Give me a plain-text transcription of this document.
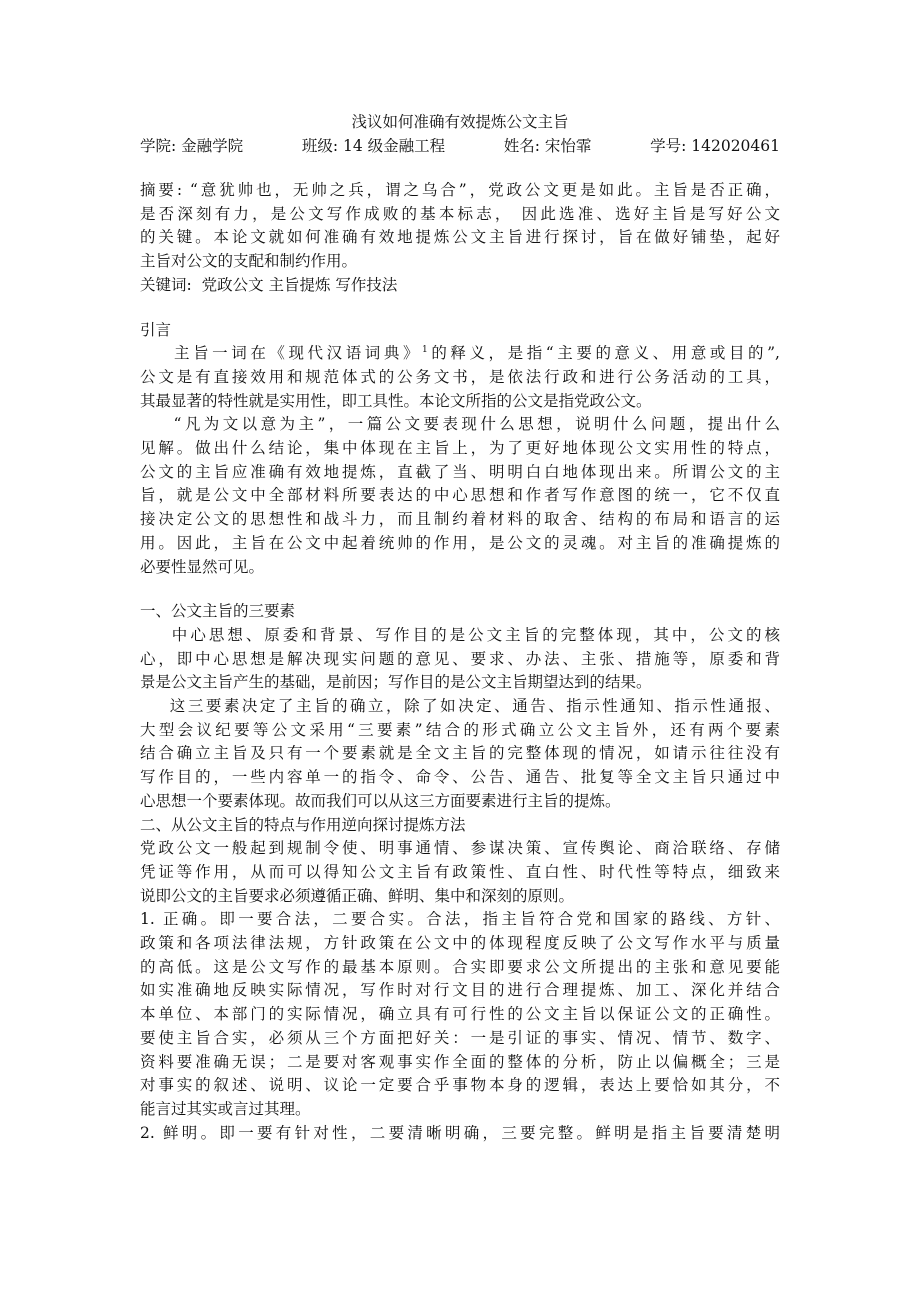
浅议如何准确有效提炼公文主旨
学院: 金融学院	班级: 14 级金融工程	姓名: 宋怡霏	学号: 142020461
摘要: “意犹帅也，无帅之兵，谓之乌合”，党政公文更是如此。主旨是否正确，
是否深刻有力，是公文写作成败的基本标志， 因此选准、选好主旨是写好公文
的关键。本论文就如何准确有效地提炼公文主旨进行探讨，旨在做好铺垫，起好
主旨对公文的支配和制约作用。
关键词:  党政公文 主旨提炼 写作技法
引言
主旨一词在《现代汉语词典》$^1$的释义，是指“主要的意义、用意或目的”,
公文是有直接效用和规范体式的公务文书，是依法行政和进行公务活动的工具，
其最显著的特性就是实用性，即工具性。本论文所指的公文是指党政公文。
“凡为文以意为主”，一篇公文要表现什么思想，说明什么问题，提出什么
见解。做出什么结论，集中体现在主旨上，为了更好地体现公文实用性的特点，
公文的主旨应准确有效地提炼，直截了当、明明白白地体现出来。所谓公文的主
旨，就是公文中全部材料所要表达的中心思想和作者写作意图的统一，它不仅直
接决定公文的思想性和战斗力，而且制约着材料的取舍、结构的布局和语言的运
用。因此，主旨在公文中起着统帅的作用，是公文的灵魂。对主旨的准确提炼的
必要性显然可见。
一、公文主旨的三要素
中心思想、原委和背景、写作目的是公文主旨的完整体现，其中，公文的核
心，即中心思想是解决现实问题的意见、要求、办法、主张、措施等，原委和背
景是公文主旨产生的基础，是前因；写作目的是公文主旨期望达到的结果。
这三要素决定了主旨的确立，除了如决定、通告、指示性通知、指示性通报、
大型会议纪要等公文采用“三要素”结合的形式确立公文主旨外，还有两个要素
结合确立主旨及只有一个要素就是全文主旨的完整体现的情况，如请示往往没有
写作目的，一些内容单一的指令、命令、公告、通告、批复等全文主旨只通过中
心思想一个要素体现。故而我们可以从这三方面要素进行主旨的提炼。
二、从公文主旨的特点与作用逆向探讨提炼方法
党政公文一般起到规制令使、明事通情、参谋决策、宣传舆论、商洽联络、存储
凭证等作用，从而可以得知公文主旨有政策性、直白性、时代性等特点，细致来
说即公文的主旨要求必须遵循正确、鲜明、集中和深刻的原则。
1. 正确。即一要合法，二要合实。合法，指主旨符合党和国家的路线、方针、
政策和各项法律法规，方针政策在公文中的体现程度反映了公文写作水平与质量
的高低。这是公文写作的最基本原则。合实即要求公文所提出的主张和意见要能
如实准确地反映实际情况，写作时对行文目的进行合理提炼、加工、深化并结合
本单位、本部门的实际情况，确立具有可行性的公文主旨以保证公文的正确性。
要使主旨合实，必须从三个方面把好关：一是引证的事实、情况、情节、数字、
资料要准确无误；二是要对客观事实作全面的整体的分析，防止以偏概全；三是
对事实的叙述、说明、议论一定要合乎事物本身的逻辑，表达上要恰如其分，不
能言过其实或言过其理。
2. 鲜明。即一要有针对性，二要清晰明确，三要完整。鲜明是指主旨要清楚明
